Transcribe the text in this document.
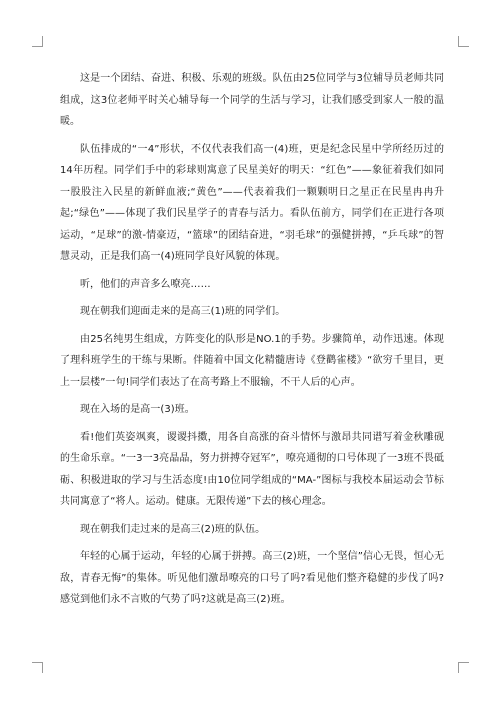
这是一个团结、奋进、积极、乐观的班级。队伍由25位同学与3位辅导员老师共同组成，这3位老师平时关心辅导每一个同学的生活与学习，让我们感受到家人一般的温暖。

队伍排成的“一4”形状，不仅代表我们高一(4)班，更是纪念民星中学所经历过的14年历程。同学们手中的彩球则寓意了民星美好的明天：“红色”——象征着我们如同一股股注入民星的新鲜血液;“黄色”——代表着我们一颗颗明日之星正在民星冉冉升起;“绿色”——体现了我们民星学子的青春与活力。看队伍前方，同学们在正进行各项运动，“足球”的激-情豪迈，“篮球”的团结奋进，“羽毛球”的强健拼搏，“乒乓球”的智慧灵动，正是我们高一(4)班同学良好风貌的体现。

听，他们的声音多么嘹亮……

现在朝我们迎面走来的是高三(1)班的同学们。

由25名纯男生组成，方阵变化的队形是NO.1的手势。步骤简单，动作迅速。体现了理科班学生的干练与果断。伴随着中国文化精髓唐诗《登鹳雀楼》“欲穷千里目，更上一层楼”一句!同学们表达了在高考路上不服输，不干人后的心声。

现在入场的是高一(3)班。

看!他们英姿飒爽，谡谡抖擞，用各自高涨的奋斗情怀与激昂共同谱写着金秋雕砚的生命乐章。“一3一3亮晶晶，努力拼搏夺冠军”，嘹亮通彻的口号体现了一3班不畏砥砺、积极进取的学习与生活态度!由10位同学组成的“MA-”图标与我校本届运动会节标共同寓意了“将人。运动。健康。无限传递”下去的核心理念。

现在朝我们走过来的是高三(2)班的队伍。

年轻的心属于运动，年轻的心属于拼搏。高三(2)班，一个坚信”信心无畏，恒心无敌，青春无悔”的集体。听见他们激昂嘹亮的口号了吗?看见他们整齐稳健的步伐了吗?感觉到他们永不言败的气势了吗?这就是高三(2)班。
